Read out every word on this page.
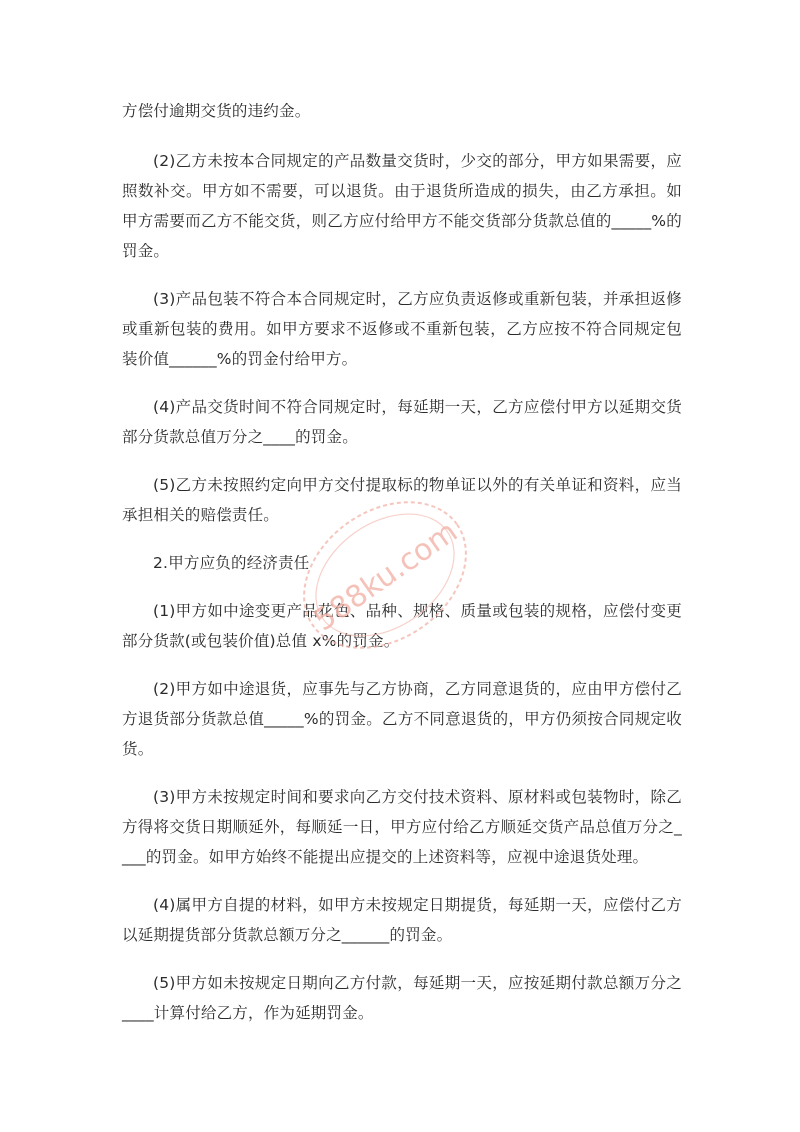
方偿付逾期交货的违约金。

(2)乙方未按本合同规定的产品数量交货时，少交的部分，甲方如果需要，应照数补交。甲方如不需要，可以退货。由于退货所造成的损失，由乙方承担。如甲方需要而乙方不能交货，则乙方应付给甲方不能交货部分货款总值的_____%的罚金。

(3)产品包装不符合本合同规定时，乙方应负责返修或重新包装，并承担返修或重新包装的费用。如甲方要求不返修或不重新包装，乙方应按不符合同规定包装价值______%的罚金付给甲方。

(4)产品交货时间不符合同规定时，每延期一天，乙方应偿付甲方以延期交货部分货款总值万分之____的罚金。

(5)乙方未按照约定向甲方交付提取标的物单证以外的有关单证和资料，应当承担相关的赔偿责任。

2.甲方应负的经济责任

(1)甲方如中途变更产品花色、品种、规格、质量或包装的规格，应偿付变更部分货款(或包装价值)总值 x%的罚金。

(2)甲方如中途退货，应事先与乙方协商，乙方同意退货的，应由甲方偿付乙方退货部分货款总值_____%的罚金。乙方不同意退货的，甲方仍须按合同规定收货。

(3)甲方未按规定时间和要求向乙方交付技术资料、原材料或包装物时，除乙方得将交货日期顺延外，每顺延一日，甲方应付给乙方顺延交货产品总值万分之____的罚金。如甲方始终不能提出应提交的上述资料等，应视中途退货处理。

(4)属甲方自提的材料，如甲方未按规定日期提货，每延期一天，应偿付乙方以延期提货部分货款总额万分之______的罚金。

(5)甲方如未按规定日期向乙方付款，每延期一天，应按延期付款总额万分之____计算付给乙方，作为延期罚金。

588ku.com
